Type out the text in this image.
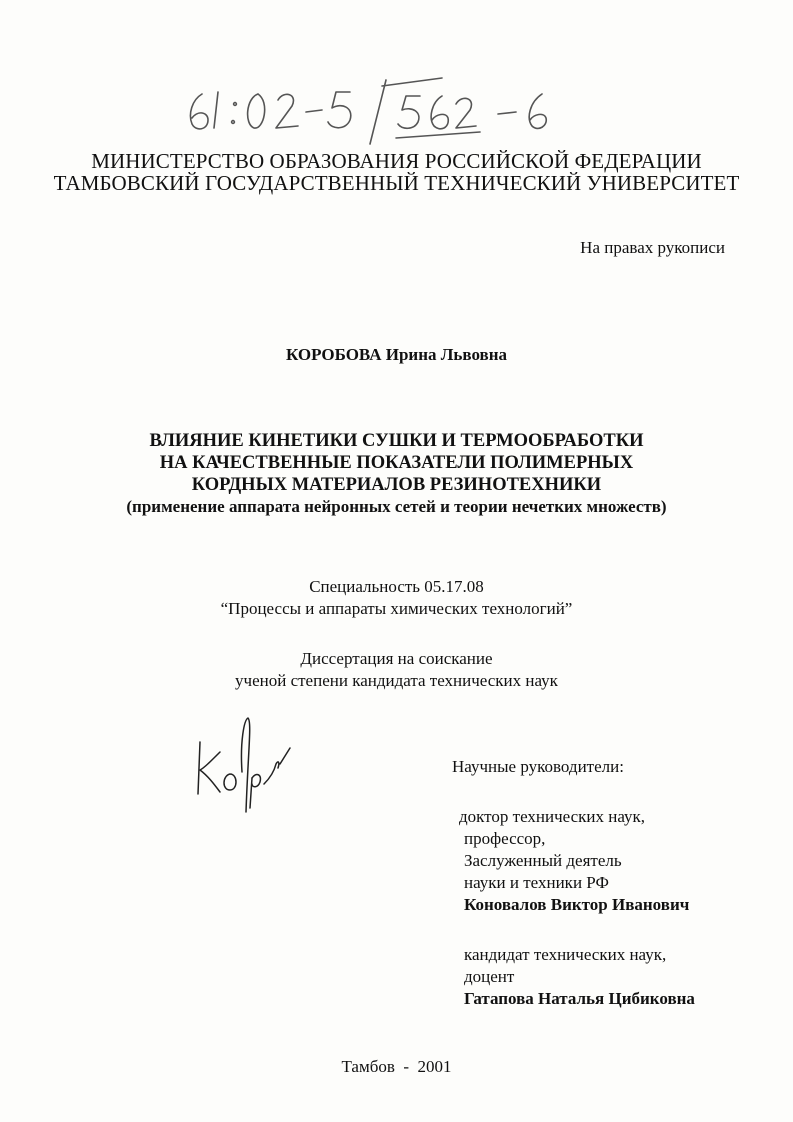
МИНИСТЕРСТВО ОБРАЗОВАНИЯ РОССИЙСКОЙ ФЕДЕРАЦИИ
ТАМБОВСКИЙ ГОСУДАРСТВЕННЫЙ ТЕХНИЧЕСКИЙ УНИВЕРСИТЕТ
На правах рукописи
КОРОБОВА Ирина Львовна
ВЛИЯНИЕ КИНЕТИКИ СУШКИ И ТЕРМООБРАБОТКИ
НА КАЧЕСТВЕННЫЕ ПОКАЗАТЕЛИ ПОЛИМЕРНЫХ
КОРДНЫХ МАТЕРИАЛОВ РЕЗИНОТЕХНИКИ
(применение аппарата нейронных сетей и теории нечетких множеств)
Специальность 05.17.08
“Процессы и аппараты химических технологий”
Диссертация на соискание
ученой степени кандидата технических наук
Научные руководители:
доктор технических наук,
профессор,
Заслуженный деятель
науки и техники РФ
Коновалов Виктор Иванович
кандидат технических наук,
доцент
Гатапова Наталья Цибиковна
Тамбов  -  2001
